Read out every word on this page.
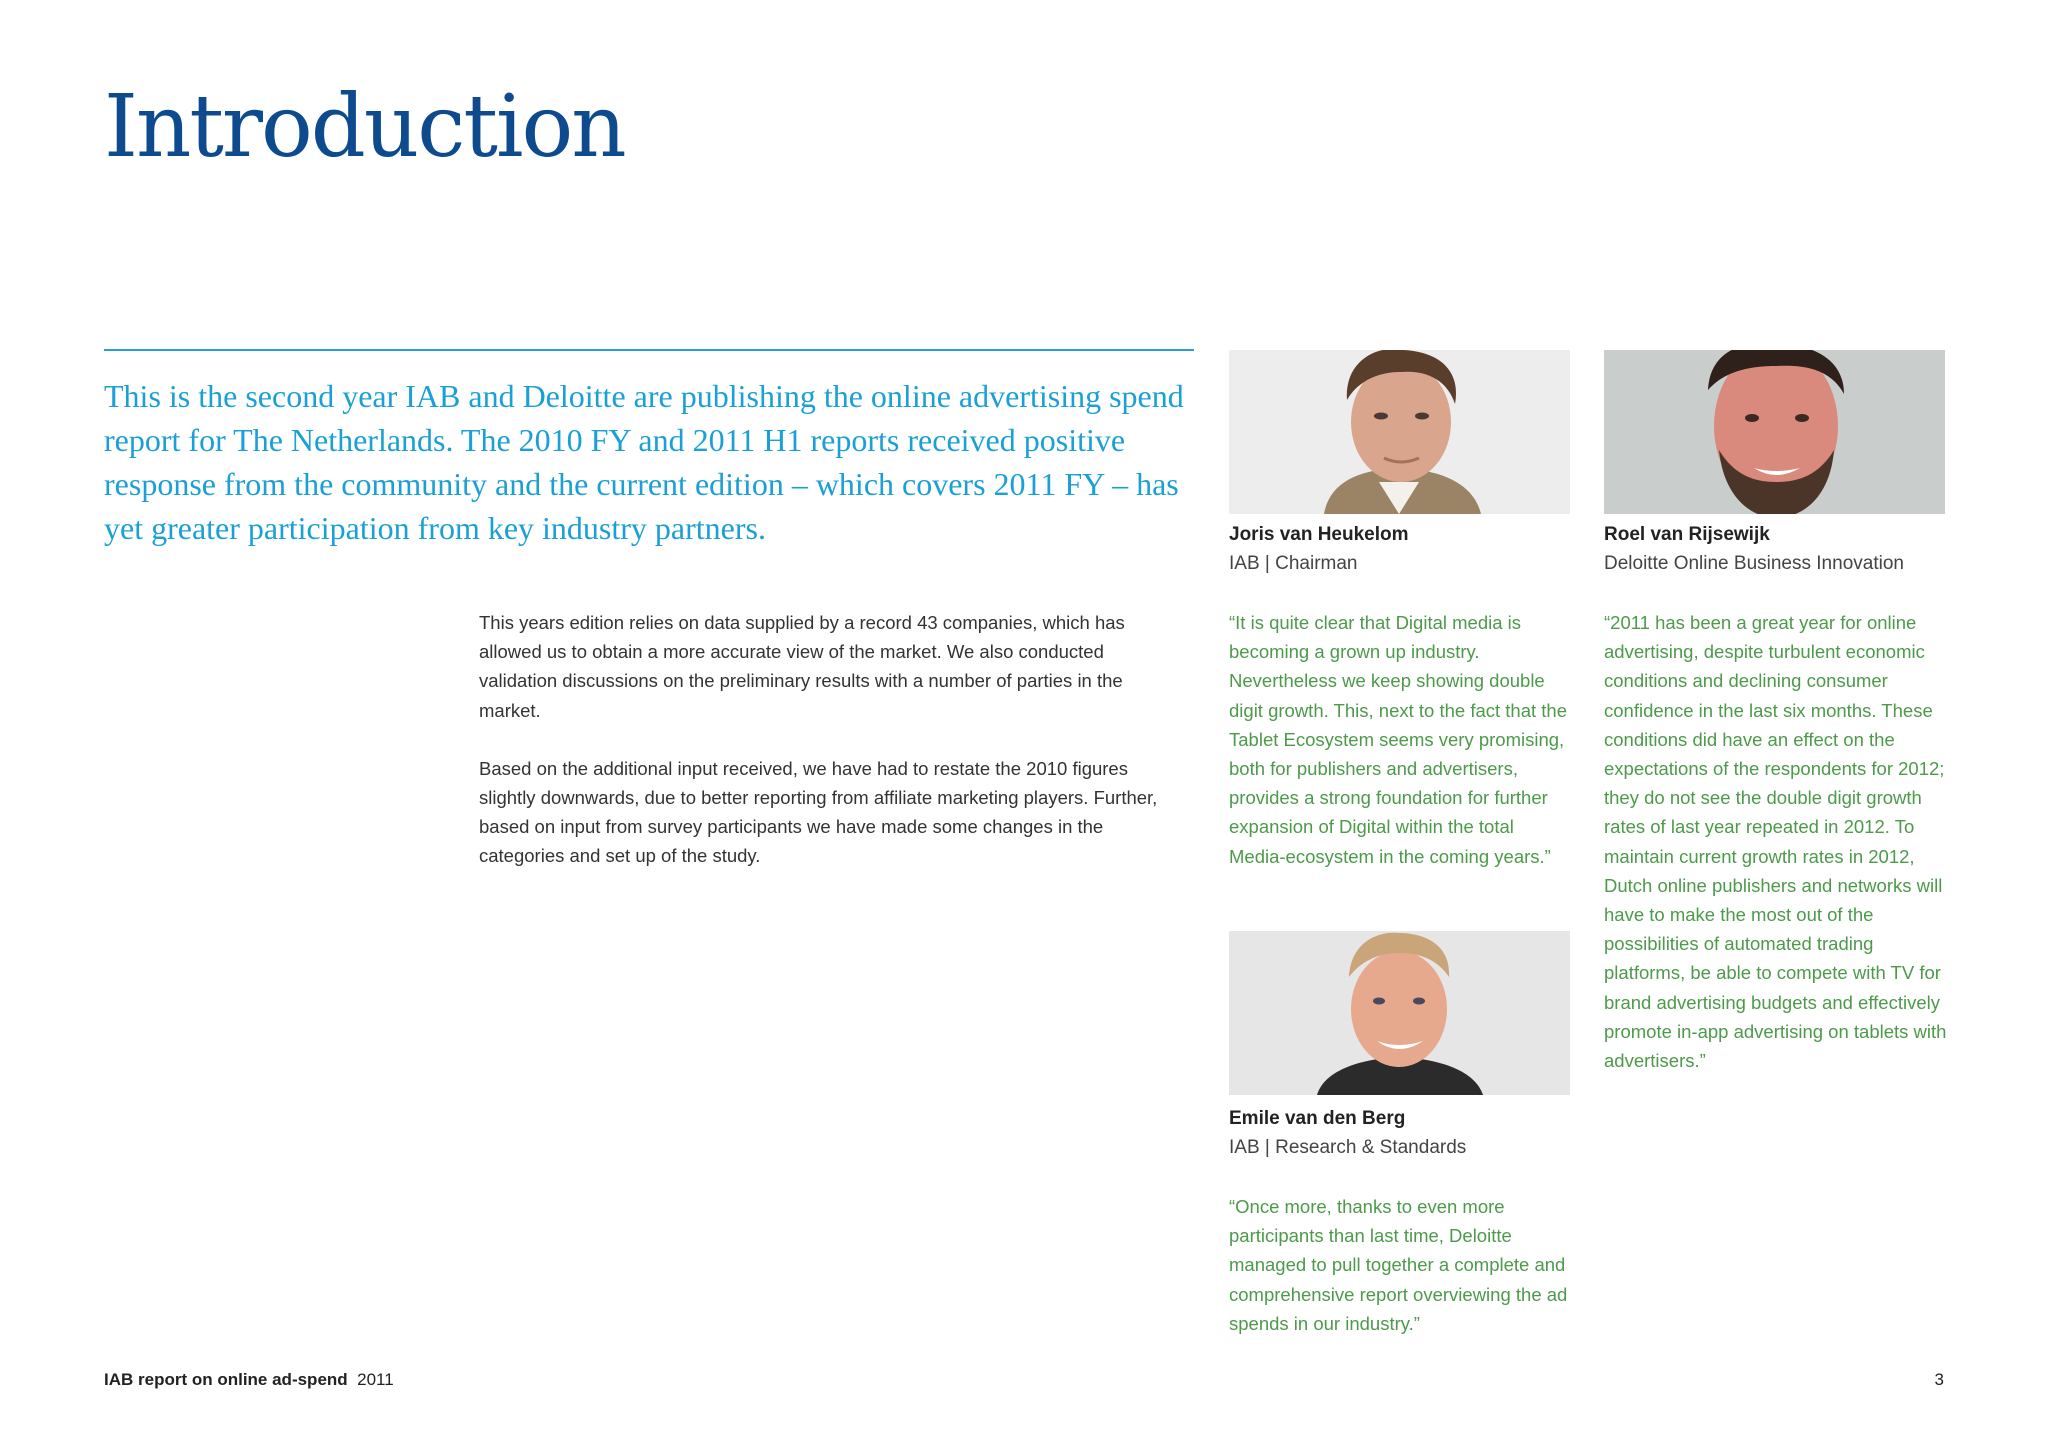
Introduction

This is the second year IAB and Deloitte are publishing the online advertising spend report for The Netherlands. The 2010 FY and 2011 H1 reports received positive response from the community and the current edition – which covers 2011 FY – has yet greater participation from key industry partners.

This years edition relies on data supplied by a record 43 companies, which has allowed us to obtain a more accurate view of the market. We also conducted validation discussions on the preliminary results with a number of parties in the market.

Based on the additional input received, we have had to restate the 2010 figures slightly downwards, due to better reporting from affiliate marketing players. Further, based on input from survey participants we have made some changes in the categories and set up of the study.

Joris van Heukelom
IAB | Chairman

“It is quite clear that Digital media is becoming a grown up industry. Nevertheless we keep showing double digit growth. This, next to the fact that the Tablet Ecosystem seems very promising, both for publishers and advertisers, provides a strong foundation for further expansion of Digital within the total Media-ecosystem in the coming years.”

Roel van Rijsewijk
Deloitte Online Business Innovation

“2011 has been a great year for online advertising, despite turbulent economic conditions and declining consumer confidence in the last six months. These conditions did have an effect on the expectations of the respondents for 2012; they do not see the double digit growth rates of last year repeated in 2012. To maintain current growth rates in 2012, Dutch online publishers and networks will have to make the most out of the possibilities of automated trading platforms, be able to compete with TV for brand advertising budgets and effectively promote in-app advertising on tablets with advertisers.”

Emile van den Berg
IAB | Research & Standards

“Once more, thanks to even more participants than last time, Deloitte managed to pull together a complete and comprehensive report overviewing the ad spends in our industry.”

IAB report on online ad-spend 2011	3
